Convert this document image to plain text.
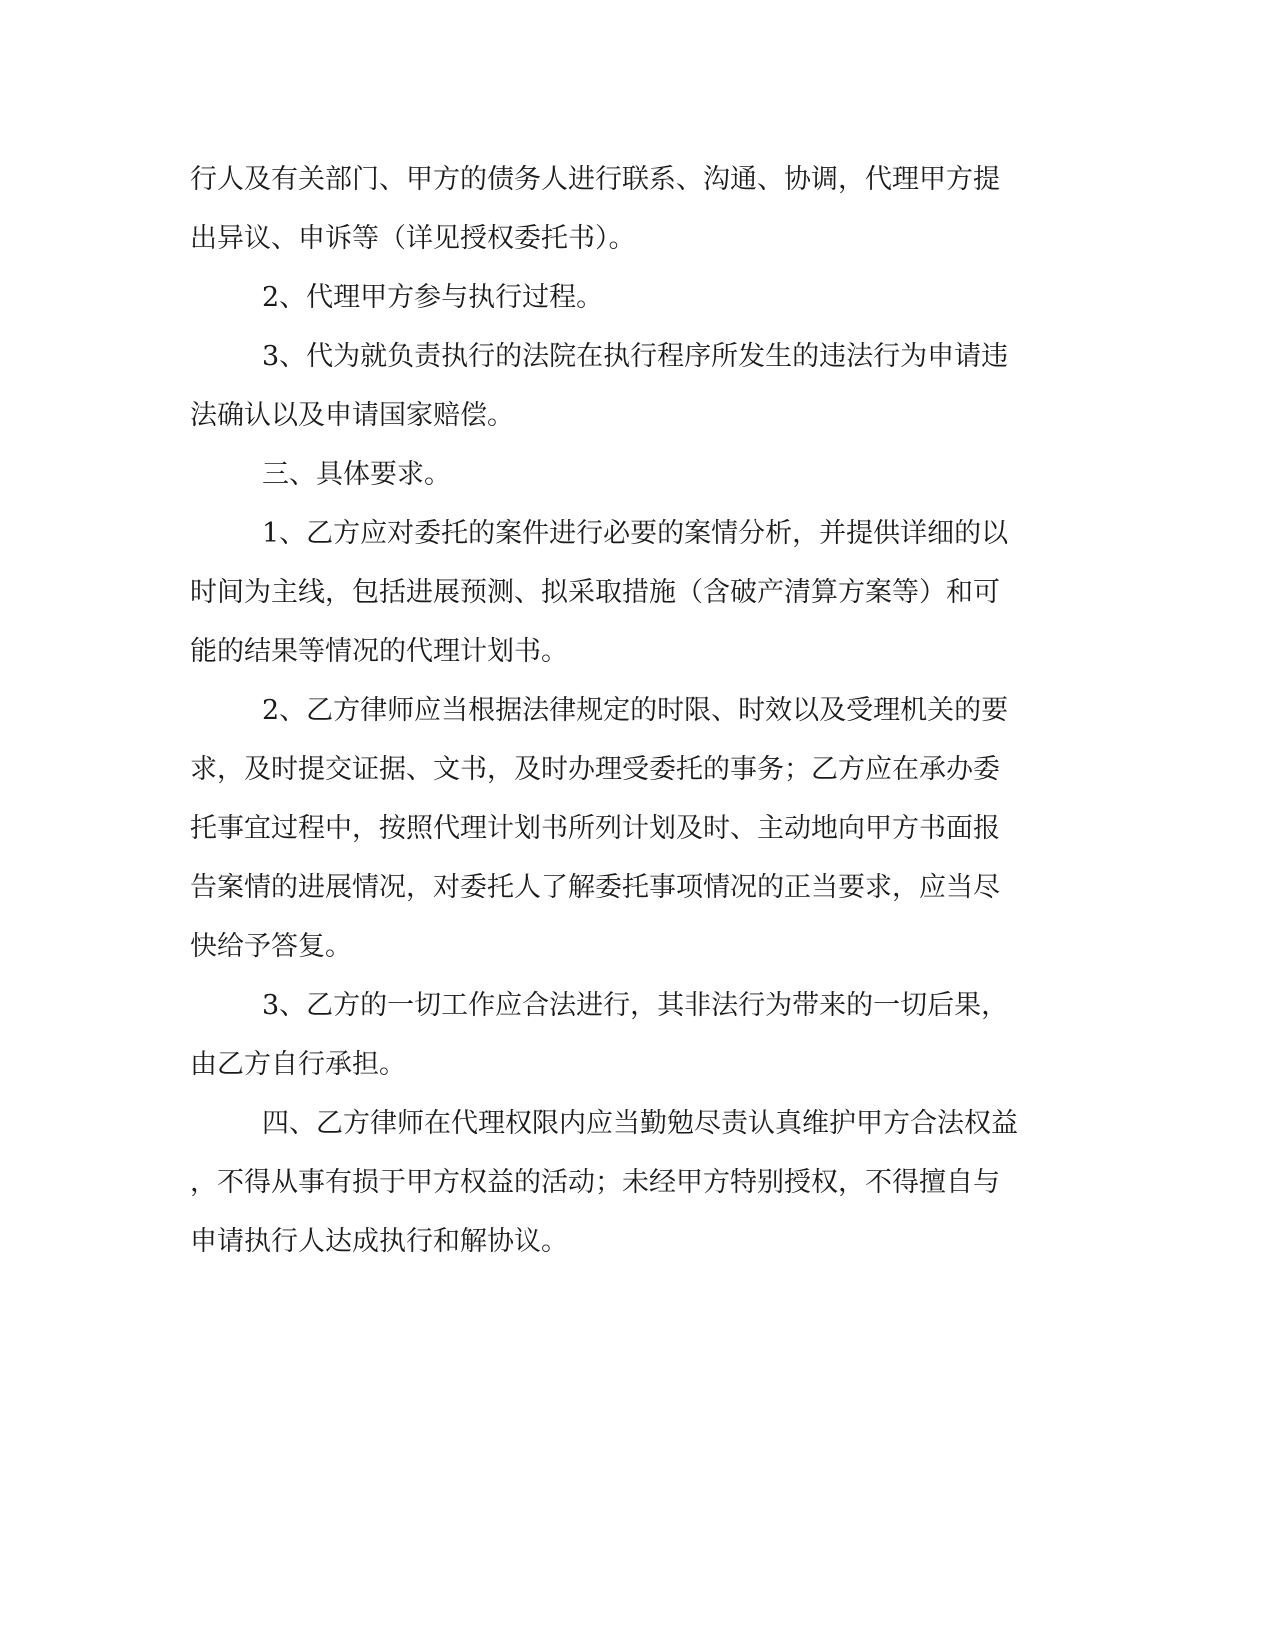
行人及有关部门、甲方的债务人进行联系、沟通、协调，代理甲方提
出异议、申诉等（详见授权委托书）。
2、代理甲方参与执行过程。
3、代为就负责执行的法院在执行程序所发生的违法行为申请违
法确认以及申请国家赔偿。
三、具体要求。
1、乙方应对委托的案件进行必要的案情分析，并提供详细的以
时间为主线，包括进展预测、拟采取措施（含破产清算方案等）和可
能的结果等情况的代理计划书。
2、乙方律师应当根据法律规定的时限、时效以及受理机关的要
求，及时提交证据、文书，及时办理受委托的事务；乙方应在承办委
托事宜过程中，按照代理计划书所列计划及时、主动地向甲方书面报
告案情的进展情况，对委托人了解委托事项情况的正当要求，应当尽
快给予答复。
3、乙方的一切工作应合法进行，其非法行为带来的一切后果，
由乙方自行承担。
四、乙方律师在代理权限内应当勤勉尽责认真维护甲方合法权益
，不得从事有损于甲方权益的活动；未经甲方特别授权，不得擅自与
申请执行人达成执行和解协议。
